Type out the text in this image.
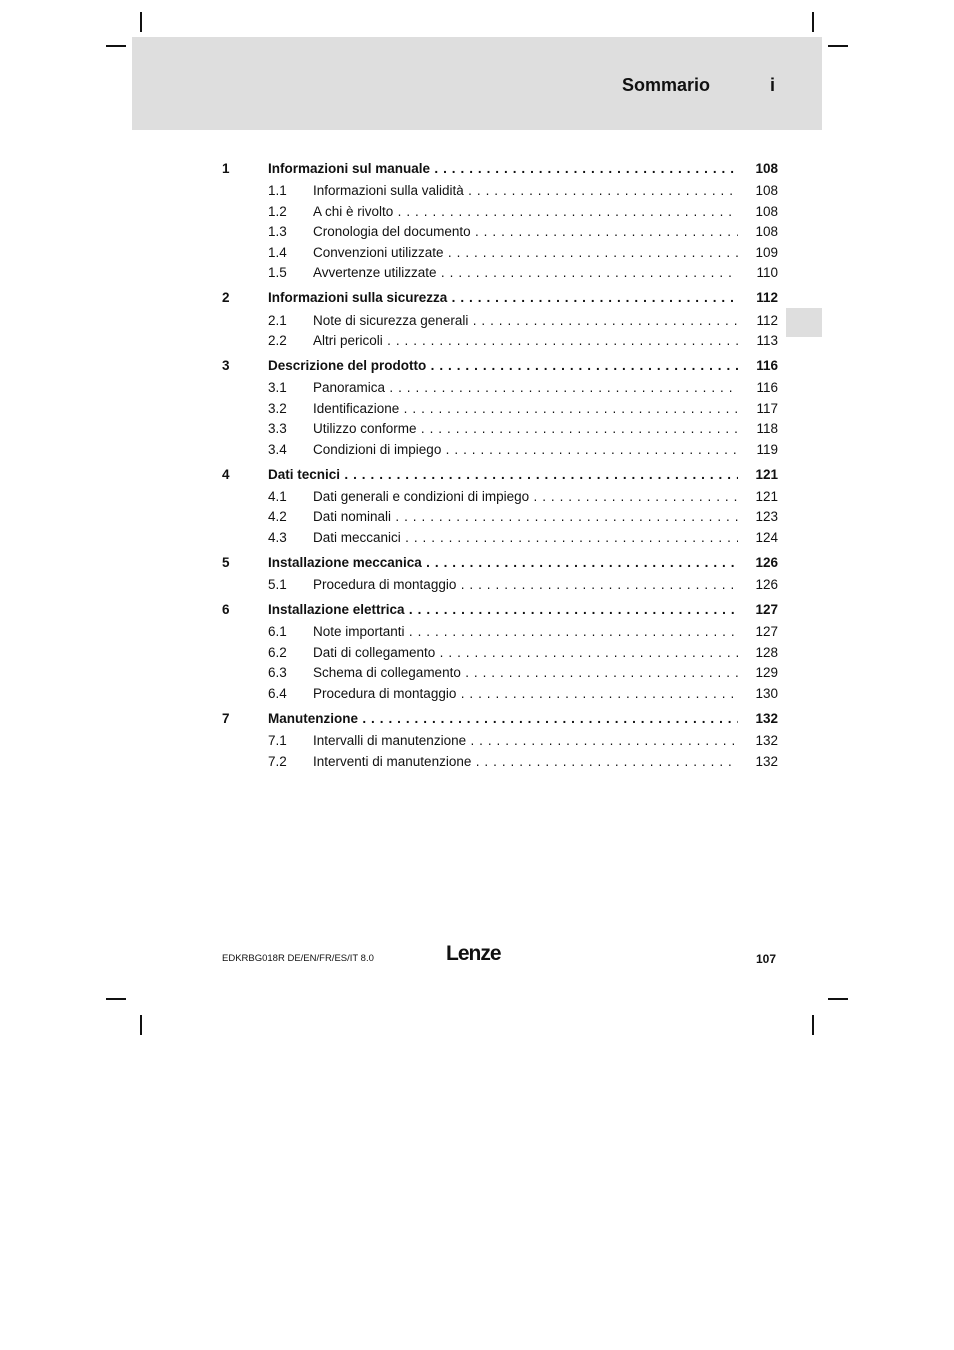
Sommario	i
1	Informazioni sul manuale . . .	108
1.1 Informazioni sulla validità . . .	108
1.2 A chi è rivolto . . .	108
1.3 Cronologia del documento . . .	108
1.4 Convenzioni utilizzate . . .	109
1.5 Avvertenze utilizzate . . .	110
2	Informazioni sulla sicurezza . . .	112
2.1 Note di sicurezza generali . . .	112
2.2 Altri pericoli . . .	113
3	Descrizione del prodotto . . .	116
3.1 Panoramica . . .	116
3.2 Identificazione . . .	117
3.3 Utilizzo conforme . . .	118
3.4 Condizioni di impiego . . .	119
4	Dati tecnici . . .	121
4.1 Dati generali e condizioni di impiego . . .	121
4.2 Dati nominali . . .	123
4.3 Dati meccanici . . .	124
5	Installazione meccanica . . .	126
5.1 Procedura di montaggio . . .	126
6	Installazione elettrica . . .	127
6.1 Note importanti . . .	127
6.2 Dati di collegamento . . .	128
6.3 Schema di collegamento . . .	129
6.4 Procedura di montaggio . . .	130
7	Manutenzione . . .	132
7.1 Intervalli di manutenzione . . .	132
7.2 Interventi di manutenzione . . .	132
EDKRBG018R DE/EN/FR/ES/IT 8.0	Lenze	107
